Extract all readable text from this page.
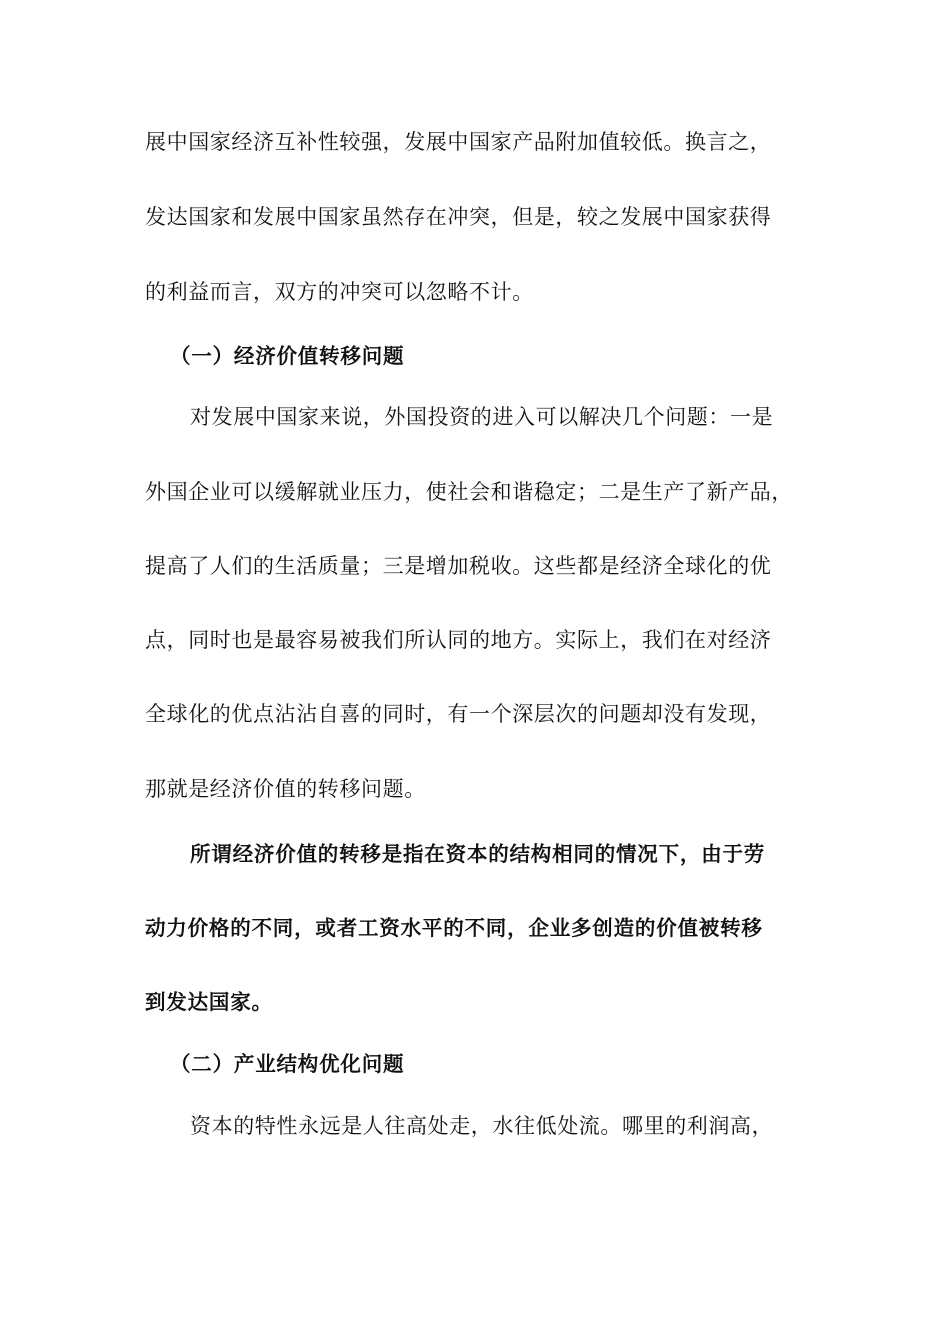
展中国家经济互补性较强，发展中国家产品附加值较低。换言之，
发达国家和发展中国家虽然存在冲突，但是，较之发展中国家获得
的利益而言，双方的冲突可以忽略不计。
（一）经济价值转移问题
对发展中国家来说，外国投资的进入可以解决几个问题：一是
外国企业可以缓解就业压力，使社会和谐稳定；二是生产了新产品，
提高了人们的生活质量；三是增加税收。这些都是经济全球化的优
点，同时也是最容易被我们所认同的地方。实际上，我们在对经济
全球化的优点沾沾自喜的同时，有一个深层次的问题却没有发现，
那就是经济价值的转移问题。
所谓经济价值的转移是指在资本的结构相同的情况下，由于劳
动力价格的不同，或者工资水平的不同，企业多创造的价值被转移
到发达国家。
（二）产业结构优化问题
资本的特性永远是人往高处走，水往低处流。哪里的利润高，
